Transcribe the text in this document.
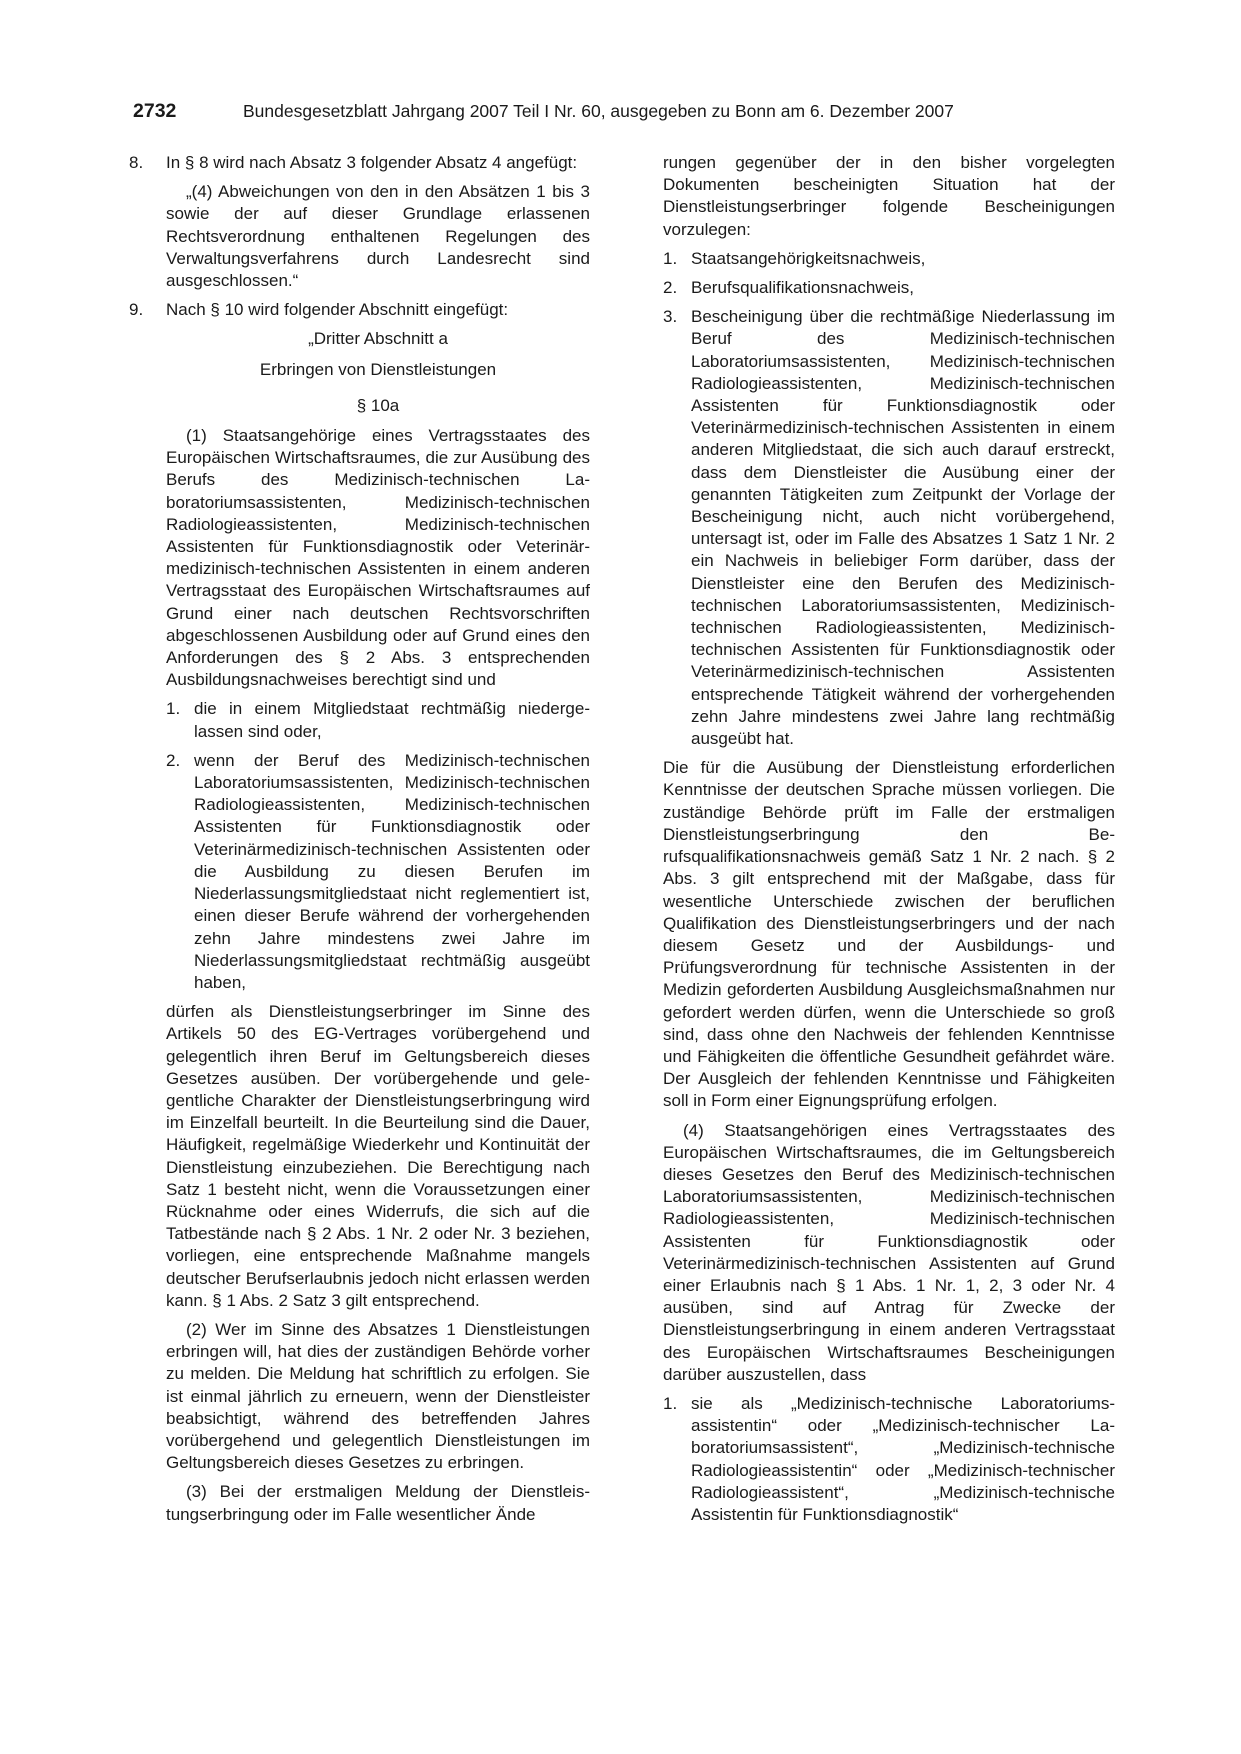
2732	Bundesgesetzblatt Jahrgang 2007 Teil I Nr. 60, ausgegeben zu Bonn am 6. Dezember 2007
8. In § 8 wird nach Absatz 3 folgender Absatz 4 angefügt:

„(4) Abweichungen von den in den Absätzen 1 bis 3 sowie der auf dieser Grundlage erlassenen Rechtsverordnung enthaltenen Regelungen des Verwaltungsverfahrens durch Landesrecht sind ausgeschlossen.“

9. Nach § 10 wird folgender Abschnitt eingefügt:

„Dritter Abschnitt a

Erbringen von Dienstleistungen

§ 10a

(1) Staatsangehörige eines Vertragsstaates des Europäischen Wirtschaftsraumes, die zur Ausübung des Berufs des Medizinisch-technischen Laboratoriumsassistenten, Medizinisch-technischen Radiologieassistenten, Medizinisch-technischen Assistenten für Funktionsdiagnostik oder Veterinärmedizinisch-technischen Assistenten in einem anderen Vertragsstaat des Europäischen Wirtschaftsraumes auf Grund einer nach deutschen Rechtsvorschriften abgeschlossenen Ausbildung oder auf Grund eines den Anforderungen des § 2 Abs. 3 entsprechenden Ausbildungsnachweises berechtigt sind und

1. die in einem Mitgliedstaat rechtmäßig niedergelassen sind oder,
2. wenn der Beruf des Medizinisch-technischen Laboratoriumsassistenten, Medizinisch-technischen Radiologieassistenten, Medizinisch-technischen Assistenten für Funktionsdiagnostik oder Veterinärmedizinisch-technischen Assistenten oder die Ausbildung zu diesen Berufen im Niederlassungsmitgliedstaat nicht reglementiert ist, einen dieser Berufe während der vorhergehenden zehn Jahre mindestens zwei Jahre im Niederlassungsmitgliedstaat rechtmäßig ausgeübt haben,

dürfen als Dienstleistungserbringer im Sinne des Artikels 50 des EG-Vertrages vorübergehend und gelegentlich ihren Beruf im Geltungsbereich dieses Gesetzes ausüben. Der vorübergehende und gelegentliche Charakter der Dienstleistungserbringung wird im Einzelfall beurteilt. In die Beurteilung sind die Dauer, Häufigkeit, regelmäßige Wiederkehr und Kontinuität der Dienstleistung einzubeziehen. Die Berechtigung nach Satz 1 besteht nicht, wenn die Voraussetzungen einer Rücknahme oder eines Widerrufs, die sich auf die Tatbestände nach § 2 Abs. 1 Nr. 2 oder Nr. 3 beziehen, vorliegen, eine entsprechende Maßnahme mangels deutscher Berufserlaubnis jedoch nicht erlassen werden kann. § 1 Abs. 2 Satz 3 gilt entsprechend.

(2) Wer im Sinne des Absatzes 1 Dienstleistungen erbringen will, hat dies der zuständigen Behörde vorher zu melden. Die Meldung hat schriftlich zu erfolgen. Sie ist einmal jährlich zu erneuern, wenn der Dienstleister beabsichtigt, während des betreffenden Jahres vorübergehend und gelegentlich Dienstleistungen im Geltungsbereich dieses Gesetzes zu erbringen.

(3) Bei der erstmaligen Meldung der Dienstleistungserbringung oder im Falle wesentlicher Ände

rungen gegenüber der in den bisher vorgelegten Dokumenten bescheinigten Situation hat der Dienstleistungserbringer folgende Bescheinigungen vorzulegen:

1. Staatsangehörigkeitsnachweis,
2. Berufsqualifikationsnachweis,
3. Bescheinigung über die rechtmäßige Niederlassung im Beruf des Medizinisch-technischen Laboratoriumsassistenten, Medizinisch-technischen Radiologieassistenten, Medizinisch-technischen Assistenten für Funktionsdiagnostik oder Veterinärmedizinisch-technischen Assistenten in einem anderen Mitgliedstaat, die sich auch darauf erstreckt, dass dem Dienstleister die Ausübung einer der genannten Tätigkeiten zum Zeitpunkt der Vorlage der Bescheinigung nicht, auch nicht vorübergehend, untersagt ist, oder im Falle des Absatzes 1 Satz 1 Nr. 2 ein Nachweis in beliebiger Form darüber, dass der Dienstleister eine den Berufen des Medizinisch-technischen Laboratoriumsassistenten, Medizinisch-technischen Radiologieassistenten, Medizinisch-technischen Assistenten für Funktionsdiagnostik oder Veterinärmedizinisch-technischen Assistenten entsprechende Tätigkeit während der vorhergehenden zehn Jahre mindestens zwei Jahre lang rechtmäßig ausgeübt hat.

Die für die Ausübung der Dienstleistung erforderlichen Kenntnisse der deutschen Sprache müssen vorliegen. Die zuständige Behörde prüft im Falle der erstmaligen Dienstleistungserbringung den Berufsqualifikationsnachweis gemäß Satz 1 Nr. 2 nach. § 2 Abs. 3 gilt entsprechend mit der Maßgabe, dass für wesentliche Unterschiede zwischen der beruflichen Qualifikation des Dienstleistungserbringers und der nach diesem Gesetz und der Ausbildungs- und Prüfungsverordnung für technische Assistenten in der Medizin geforderten Ausbildung Ausgleichsmaßnahmen nur gefordert werden dürfen, wenn die Unterschiede so groß sind, dass ohne den Nachweis der fehlenden Kenntnisse und Fähigkeiten die öffentliche Gesundheit gefährdet wäre. Der Ausgleich der fehlenden Kenntnisse und Fähigkeiten soll in Form einer Eignungsprüfung erfolgen.

(4) Staatsangehörigen eines Vertragsstaates des Europäischen Wirtschaftsraumes, die im Geltungsbereich dieses Gesetzes den Beruf des Medizinisch-technischen Laboratoriumsassistenten, Medizinisch-technischen Radiologieassistenten, Medizinisch-technischen Assistenten für Funktionsdiagnostik oder Veterinärmedizinisch-technischen Assistenten auf Grund einer Erlaubnis nach § 1 Abs. 1 Nr. 1, 2, 3 oder Nr. 4 ausüben, sind auf Antrag für Zwecke der Dienstleistungserbringung in einem anderen Vertragsstaat des Europäischen Wirtschaftsraumes Bescheinigungen darüber auszustellen, dass

1. sie als „Medizinisch-technische Laboratoriumsassistentin“ oder „Medizinisch-technischer Laboratoriumsassistent“, „Medizinisch-technische Radiologieassistentin“ oder „Medizinisch-technischer Radiologieassistent“, „Medizinisch-technische Assistentin für Funktionsdiagnostik“
